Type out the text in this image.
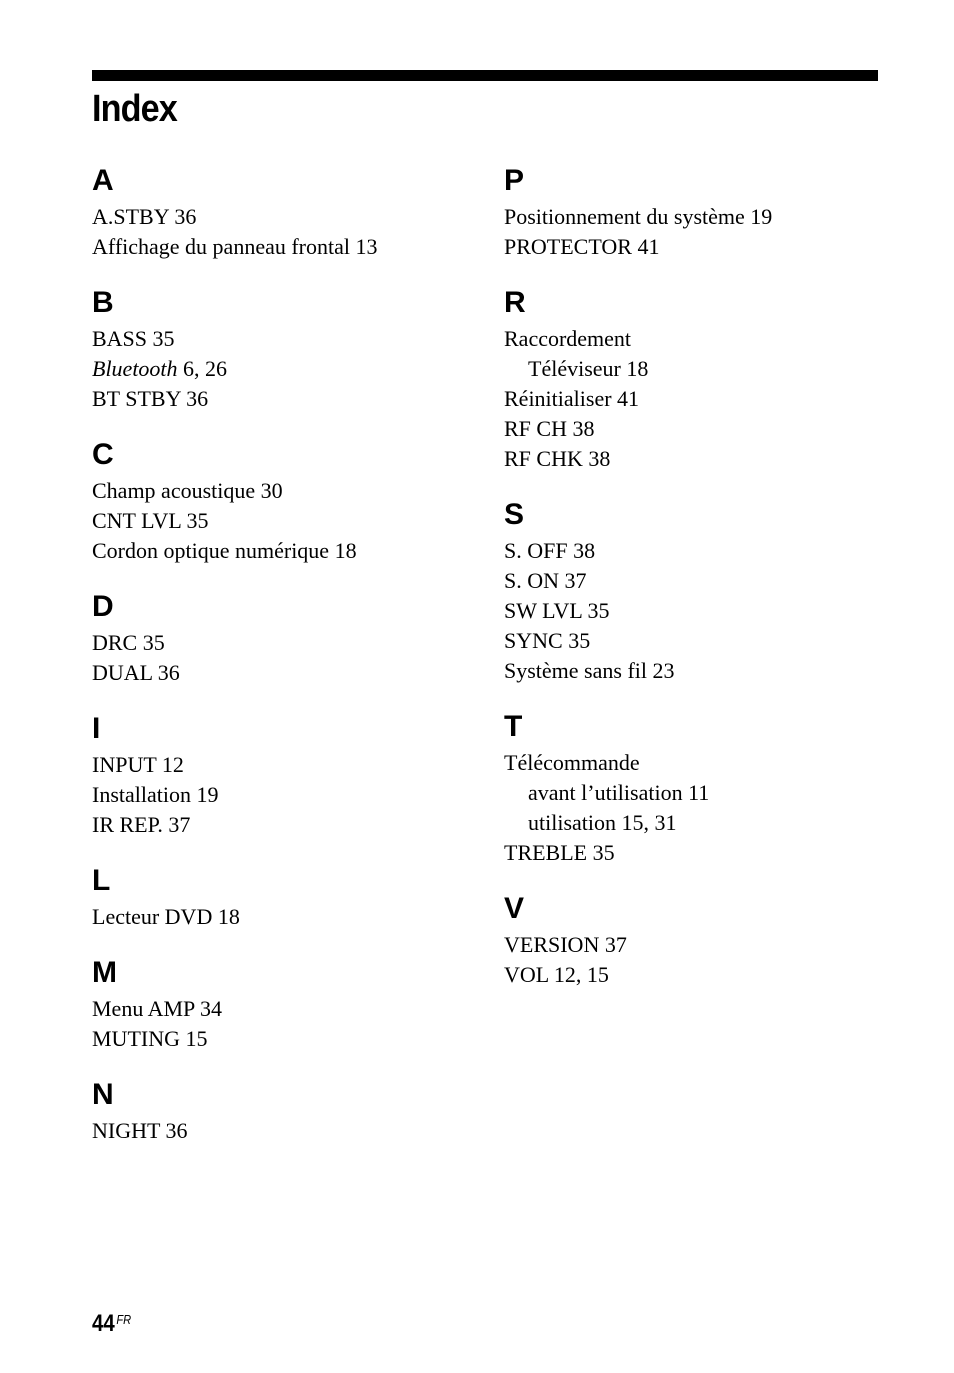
Index
A
A.STBY 36
Affichage du panneau frontal 13
B
BASS 35
Bluetooth 6, 26
BT STBY 36
C
Champ acoustique 30
CNT LVL 35
Cordon optique numérique 18
D
DRC 35
DUAL 36
I
INPUT 12
Installation 19
IR REP. 37
L
Lecteur DVD 18
M
Menu AMP 34
MUTING 15
N
NIGHT 36
P
Positionnement du système 19
PROTECTOR 41
R
Raccordement
Téléviseur 18
Réinitialiser 41
RF CH 38
RF CHK 38
S
S. OFF 38
S. ON 37
SW LVL 35
SYNC 35
Système sans fil 23
T
Télécommande
avant l’utilisation 11
utilisation 15, 31
TREBLE 35
V
VERSION 37
VOL 12, 15
44 $^{FR}$
